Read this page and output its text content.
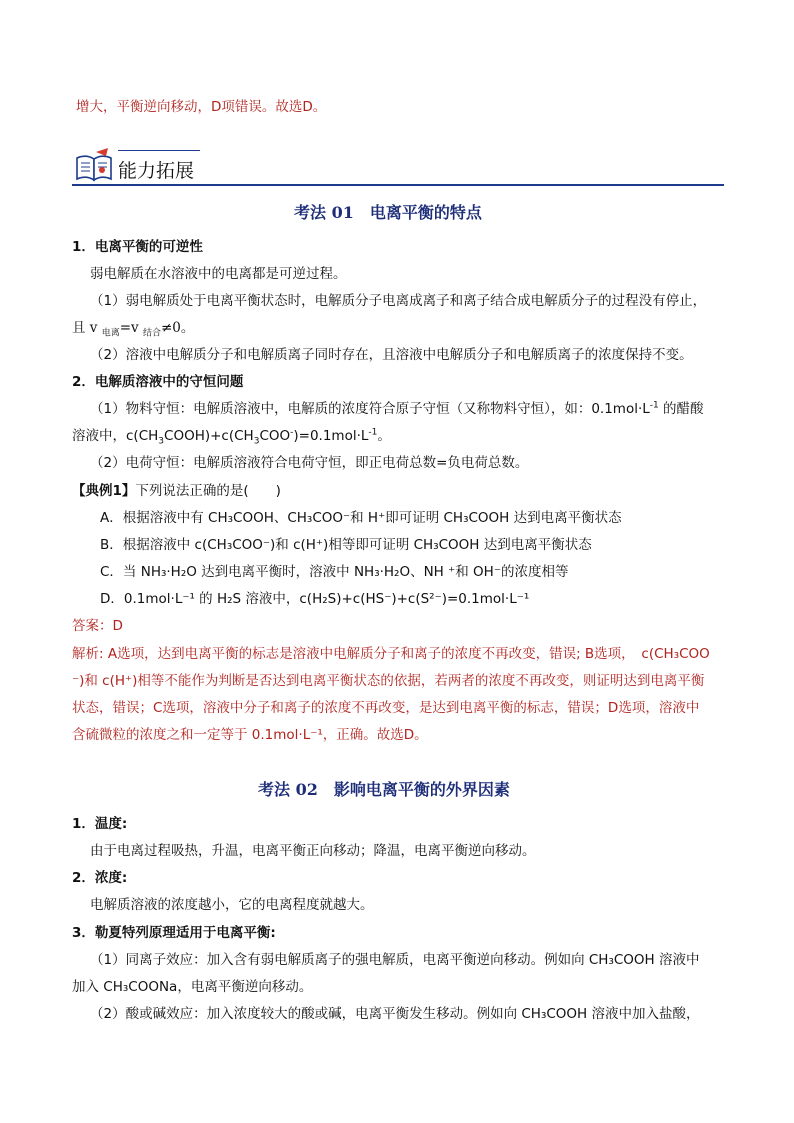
增大，平衡逆向移动，D项错误。故选D。
能力拓展
考法 01　电离平衡的特点
1．电离平衡的可逆性
弱电解质在水溶液中的电离都是可逆过程。
（1）弱电解质处于电离平衡状态时，电解质分子电离成离子和离子结合成电解质分子的过程没有停止，
且 v $_{电离}$=v $_{结合}$≠0。
（2）溶液中电解质分子和电解质离子同时存在，且溶液中电解质分子和电解质离子的浓度保持不变。
2．电解质溶液中的守恒问题
（1）物料守恒：电解质溶液中，电解质的浓度符合原子守恒（又称物料守恒），如：$0.1mol\cdot L^{-1}$ 的醋酸
溶液中，$c(CH_3COOH)+c(CH_3COO^-)=0.1mol\cdot L^{-1}$。
（2）电荷守恒：电解质溶液符合电荷守恒，即正电荷总数=负电荷总数。
【典例1】下列说法正确的是(　　)
A．根据溶液中有 CH₃COOH、CH₃COO⁻和 H⁺即可证明 CH₃COOH 达到电离平衡状态
B．根据溶液中 c(CH₃COO⁻)和 c(H⁺)相等即可证明 CH₃COOH 达到电离平衡状态
C．当 NH₃·H₂O 达到电离平衡时，溶液中 NH₃·H₂O、NH ⁺和 OH⁻的浓度相等
D．0.1mol·L⁻¹ 的 H₂S 溶液中，c(H₂S)+c(HS⁻)+c(S²⁻)=0.1mol·L⁻¹
答案：D
解析: A选项，达到电离平衡的标志是溶液中电解质分子和离子的浓度不再改变，错误; B选项，　c(CH₃COO
⁻)和 c(H⁺)相等不能作为判断是否达到电离平衡状态的依据，若两者的浓度不再改变，则证明达到电离平衡
状态，错误；C选项，溶液中分子和离子的浓度不再改变，是达到电离平衡的标志，错误；D选项，溶液中
含硫微粒的浓度之和一定等于 0.1mol·L⁻¹，正确。故选D。
考法 02　影响电离平衡的外界因素
1．温度:
由于电离过程吸热，升温，电离平衡正向移动；降温，电离平衡逆向移动。
2．浓度:
电解质溶液的浓度越小，它的电离程度就越大。
3．勒夏特列原理适用于电离平衡:
（1）同离子效应：加入含有弱电解质离子的强电解质，电离平衡逆向移动。例如向 CH₃COOH 溶液中
加入 CH₃COONa，电离平衡逆向移动。
（2）酸或碱效应：加入浓度较大的酸或碱，电离平衡发生移动。例如向 CH₃COOH 溶液中加入盐酸，
